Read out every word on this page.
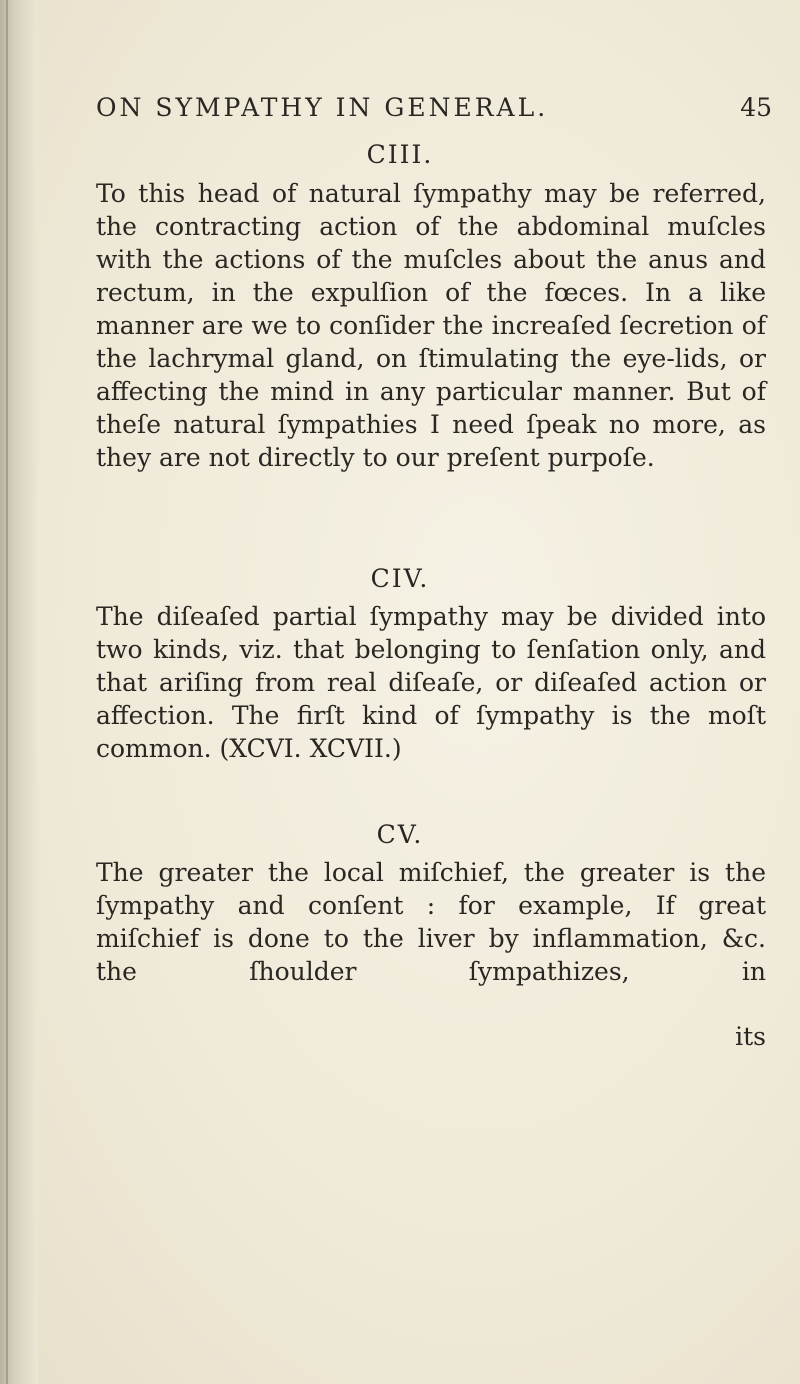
ON SYMPATHY IN GENERAL.	45
CIII.

To this head of natural ſympathy may be referred, the contracting action of the abdominal muſcles with the actions of the muſcles about the anus and rectum, in the expulſion of the fœces. In a like manner are we to conſider the increaſed ſecretion of the lachrymal gland, on ſtimulating the eye-lids, or affecting the mind in any particular manner. But of theſe natural ſympathies I need ſpeak no more, as they are not directly to our preſent purpoſe.

CIV.

The diſeaſed partial ſympathy may be divided into two kinds, viz. that belonging to ſenſation only, and that ariſing from real diſeaſe, or diſeaſed action or affection. The firſt kind of ſympathy is the moſt common. (XCVI. XCVII.)

CV.

The greater the local miſchief, the greater is the ſympathy and conſent : for example, If great miſchief is done to the liver by inflammation, &c. the ſhoulder ſympathizes, in

its
